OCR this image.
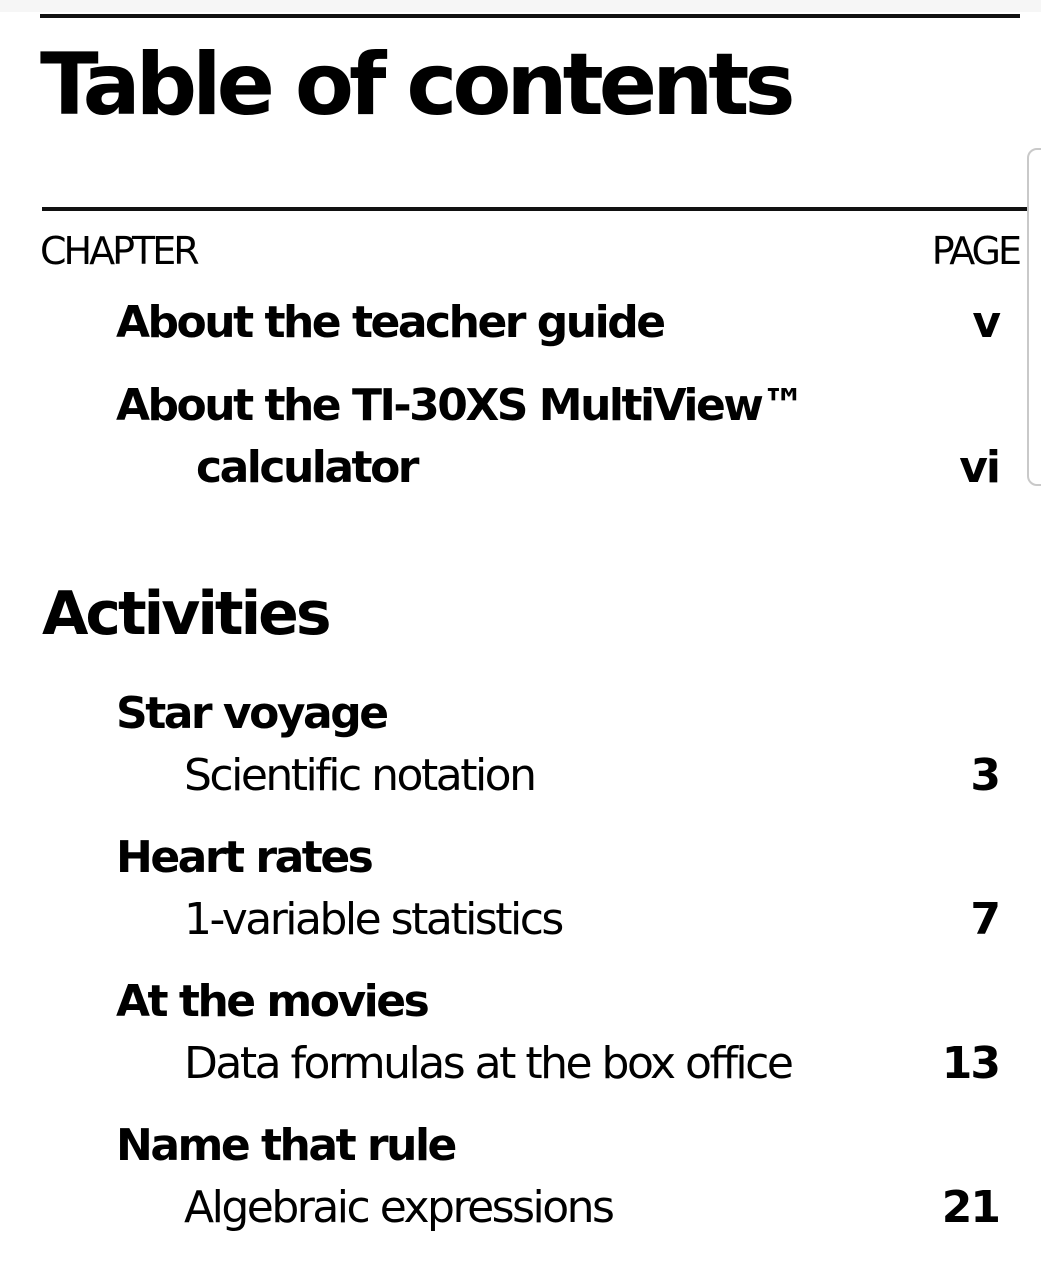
Table of contents
CHAPTER	PAGE
About the teacher guide	v
About the TI-30XS MultiView™
calculator	vi
Activities
Star voyage
Scientific notation	3
Heart rates
1-variable statistics	7
At the movies
Data formulas at the box office	13
Name that rule
Algebraic expressions	21
